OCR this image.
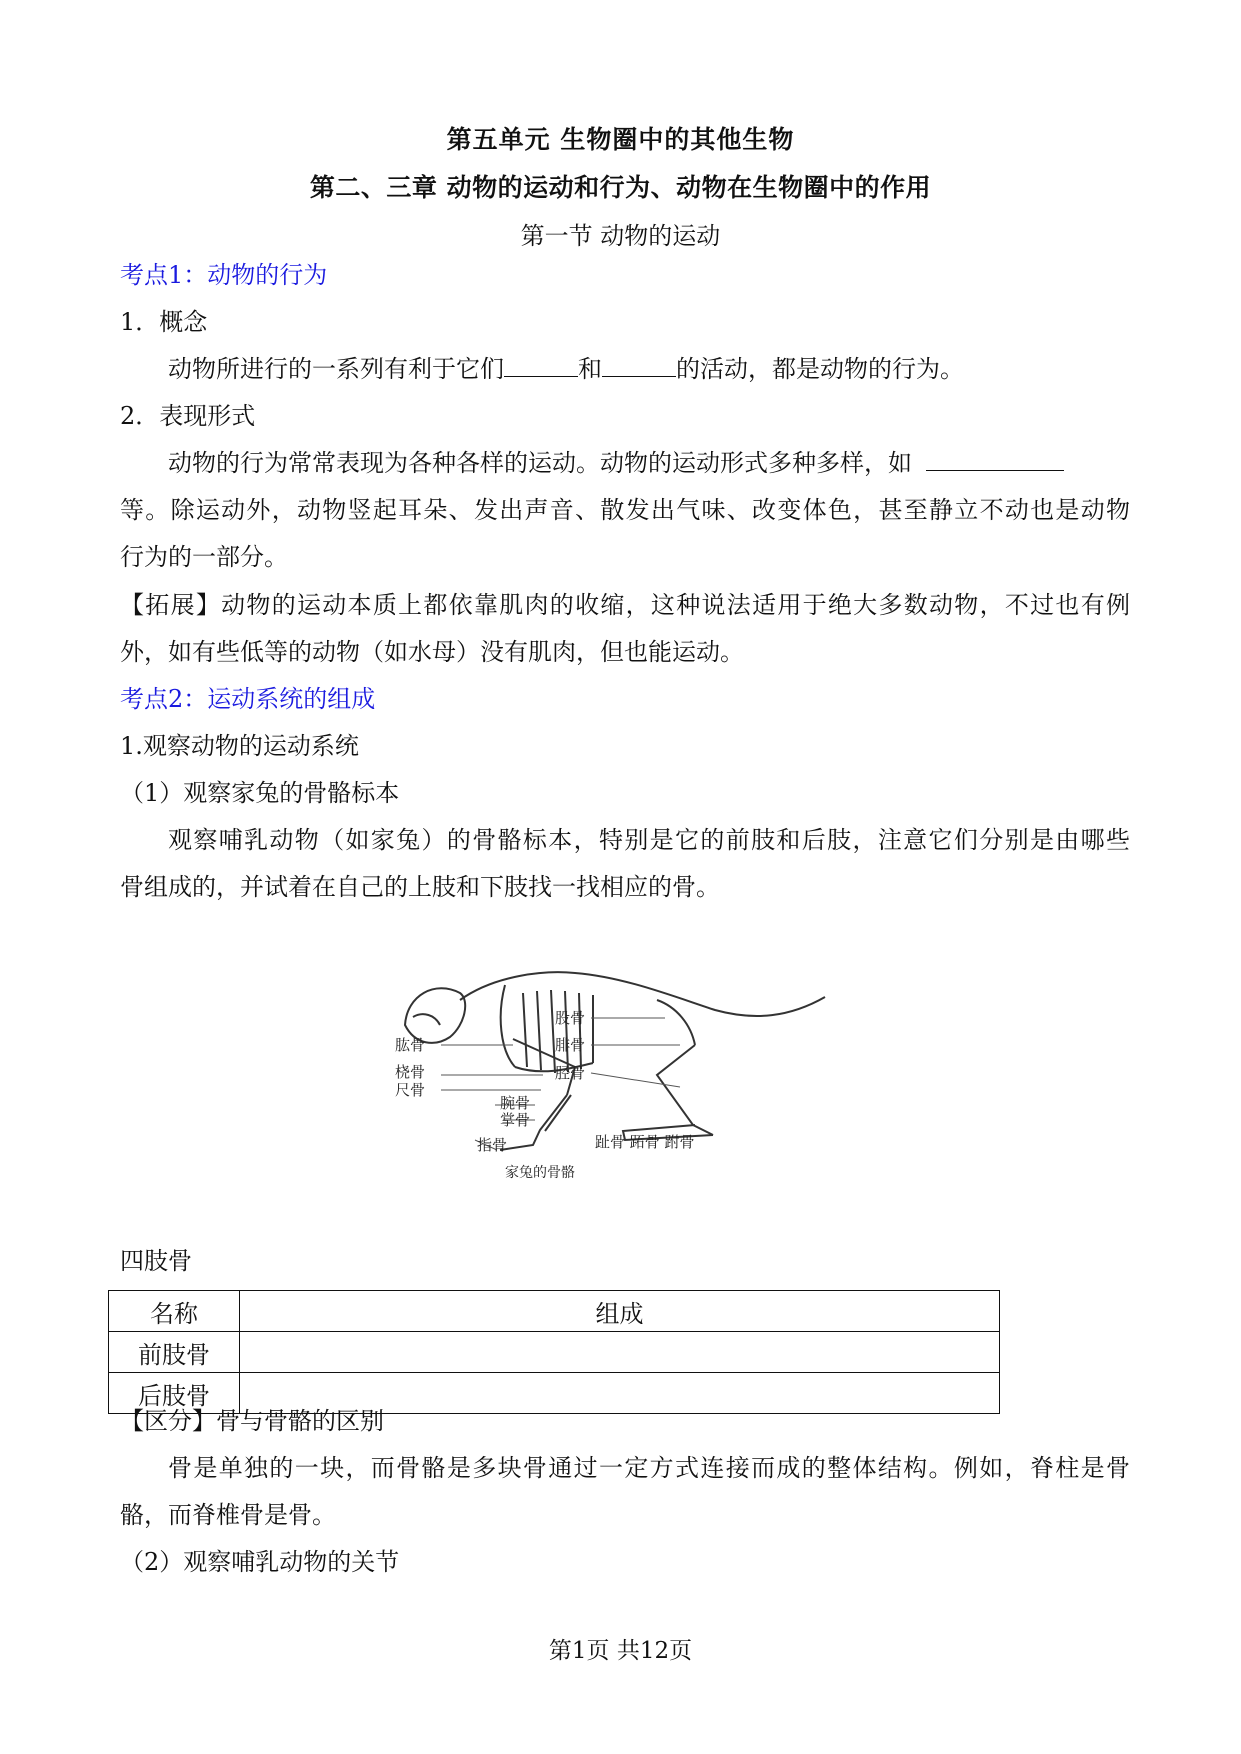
第五单元 生物圈中的其他生物
第二、三章 动物的运动和行为、动物在生物圈中的作用
第一节 动物的运动
考点1：动物的行为
1．概念
动物所进行的一系列有利于它们	和	的活动，都是动物的行为。
2．表现形式
动物的行为常常表现为各种各样的运动。动物的运动形式多种多样，如
等。除运动外，动物竖起耳朵、发出声音、散发出气味、改变体色，甚至静立不动也是动物
行为的一部分。
【拓展】动物的运动本质上都依靠肌肉的收缩，这种说法适用于绝大多数动物，不过也有例
外，如有些低等的动物（如水母）没有肌肉，但也能运动。
考点2：运动系统的组成
1.观察动物的运动系统
（1）观察家兔的骨骼标本
观察哺乳动物（如家兔）的骨骼标本，特别是它的前肢和后肢，注意它们分别是由哪些
骨组成的，并试着在自己的上肢和下肢找一找相应的骨。
肱骨
桡骨
尺骨
腕骨
掌骨
指骨
股骨
腓骨
胫骨
趾骨 跖骨 跗骨
家兔的骨骼
四肢骨
名称	组成
前肢骨	
后肢骨	
【区分】骨与骨骼的区别
骨是单独的一块，而骨骼是多块骨通过一定方式连接而成的整体结构。例如，脊柱是骨
骼，而脊椎骨是骨。
（2）观察哺乳动物的关节
第1页 共12页
